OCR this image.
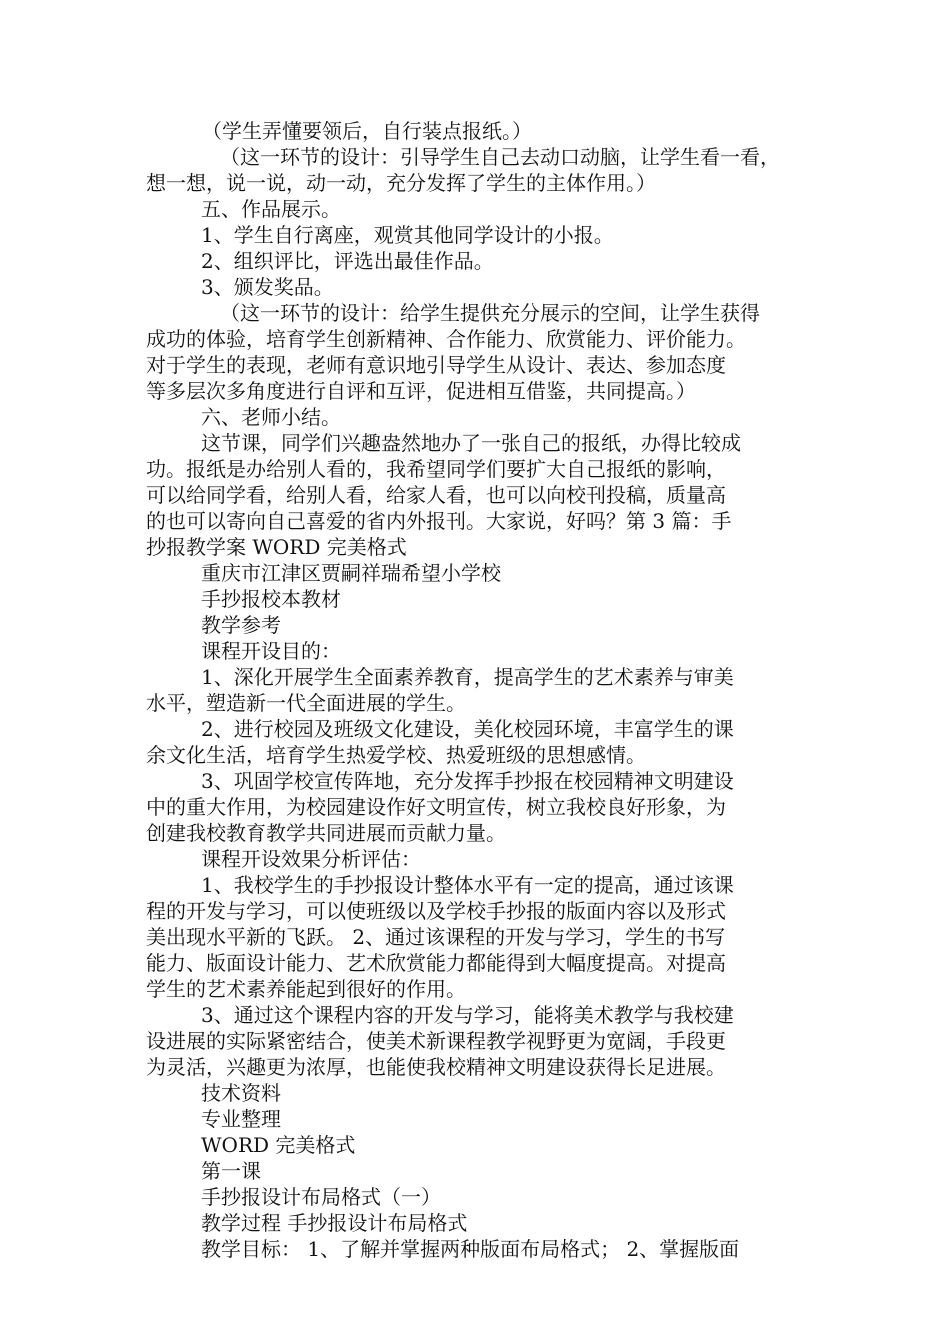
（学生弄懂要领后，自行装点报纸。）
（这一环节的设计：引导学生自己去动口动脑，让学生看一看，
想一想，说一说，动一动，充分发挥了学生的主体作用。）
五、作品展示。
1、学生自行离座，观赏其他同学设计的小报。
2、组织评比，评选出最佳作品。
3、颁发奖品。
（这一环节的设计：给学生提供充分展示的空间，让学生获得
成功的体验，培育学生创新精神、合作能力、欣赏能力、评价能力。
对于学生的表现，老师有意识地引导学生从设计、表达、参加态度
等多层次多角度进行自评和互评，促进相互借鉴，共同提高。）
六、老师小结。
这节课，同学们兴趣盎然地办了一张自己的报纸，办得比较成
功。报纸是办给别人看的，我希望同学们要扩大自己报纸的影响，
可以给同学看，给别人看，给家人看，也可以向校刊投稿，质量高
的也可以寄向自己喜爱的省内外报刊。大家说，好吗？第 3 篇：手
抄报教学案 WORD 完美格式
重庆市江津区贾嗣祥瑞希望小学校
手抄报校本教材
教学参考
课程开设目的：
1、深化开展学生全面素养教育，提高学生的艺术素养与审美
水平，塑造新一代全面进展的学生。
2、进行校园及班级文化建设，美化校园环境，丰富学生的课
余文化生活，培育学生热爱学校、热爱班级的思想感情。
3、巩固学校宣传阵地，充分发挥手抄报在校园精神文明建设
中的重大作用，为校园建设作好文明宣传，树立我校良好形象，为
创建我校教育教学共同进展而贡献力量。
课程开设效果分析评估：
1、我校学生的手抄报设计整体水平有一定的提高，通过该课
程的开发与学习，可以使班级以及学校手抄报的版面内容以及形式
美出现水平新的飞跃。 2、通过该课程的开发与学习，学生的书写
能力、版面设计能力、艺术欣赏能力都能得到大幅度提高。对提高
学生的艺术素养能起到很好的作用。
3、通过这个课程内容的开发与学习，能将美术教学与我校建
设进展的实际紧密结合，使美术新课程教学视野更为宽阔，手段更
为灵活，兴趣更为浓厚，也能使我校精神文明建设获得长足进展。
技术资料
专业整理
WORD 完美格式
第一课
手抄报设计布局格式（一）
教学过程 手抄报设计布局格式
教学目标： 1、了解并掌握两种版面布局格式； 2、掌握版面
